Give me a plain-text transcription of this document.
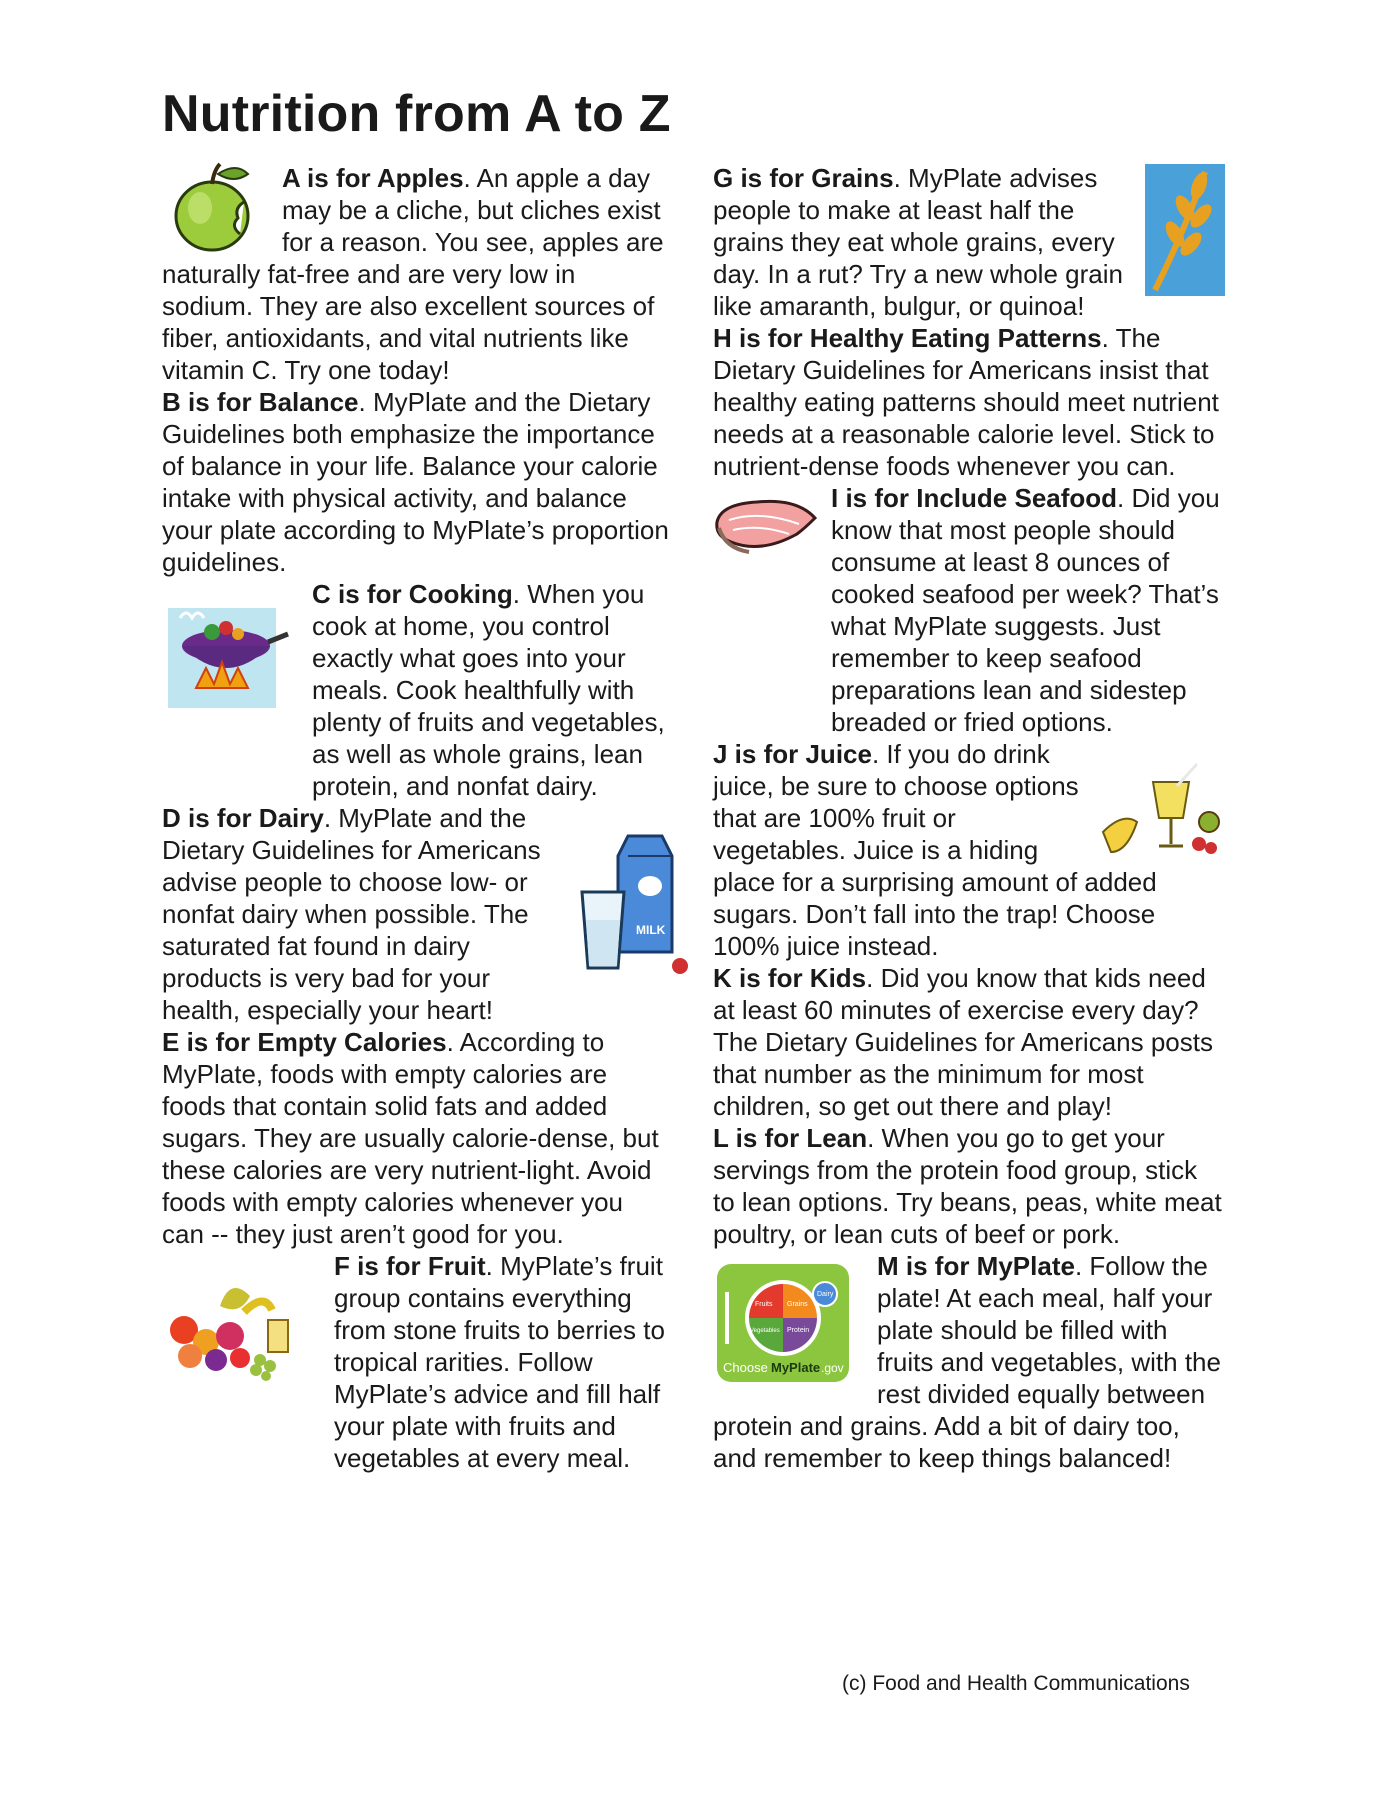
Nutrition from A to Z
A is for Apples. An apple a day may be a cliche, but cliches exist for a reason. You see, apples are naturally fat-free and are very low in sodium. They are also excellent sources of fiber, antioxidants, and vital nutrients like vitamin C. Try one today!
B is for Balance. MyPlate and the Dietary Guidelines both emphasize the importance of balance in your life. Balance your calorie intake with physical activity, and balance your plate according to MyPlate’s proportion guidelines.
C is for Cooking. When you cook at home, you control exactly what goes into your meals. Cook healthfully with plenty of fruits and vegetables, as well as whole grains, lean protein, and nonfat dairy.
MILK
D is for Dairy. MyPlate and the Dietary Guidelines for Americans advise people to choose low- or nonfat dairy when possible. The saturated fat found in dairy products is very bad for your health, especially your heart!
E is for Empty Calories. According to MyPlate, foods with empty calories are foods that contain solid fats and added sugars. They are usually calorie-dense, but these calories are very nutrient-light. Avoid foods with empty calories whenever you can -- they just aren’t good for you.
F is for Fruit. MyPlate’s fruit group contains everything from stone fruits to berries to tropical rarities. Follow MyPlate’s advice and fill half your plate with fruits and vegetables at every meal.
G is for Grains. MyPlate advises people to make at least half the grains they eat whole grains, every day. In a rut? Try a new whole grain like amaranth, bulgur, or quinoa!
H is for Healthy Eating Patterns. The Dietary Guidelines for Americans insist that healthy eating patterns should meet nutrient needs at a reasonable calorie level. Stick to nutrient-dense foods whenever you can.
I is for Include Seafood. Did you know that most people should consume at least 8 ounces of cooked seafood per week? That’s what MyPlate suggests. Just remember to keep seafood preparations lean and sidestep breaded or fried options.
J is for Juice. If you do drink juice, be sure to choose options that are 100% fruit or vegetables. Juice is a hiding place for a surprising amount of added sugars. Don’t fall into the trap! Choose 100% juice instead.
K is for Kids. Did you know that kids need at least 60 minutes of exercise every day? The Dietary Guidelines for Americans posts that number as the minimum for most children, so get out there and play!
L is for Lean. When you go to get your servings from the protein food group, stick to lean options. Try beans, peas, white meat poultry, or lean cuts of beef or pork.
Fruits Grains
Vegetables Protein
Dairy
Choose MyPlate .gov
M is for MyPlate. Follow the plate! At each meal, half your plate should be filled with fruits and vegetables, with the rest divided equally between protein and grains. Add a bit of dairy too, and remember to keep things balanced!
(c) Food and Health Communications
